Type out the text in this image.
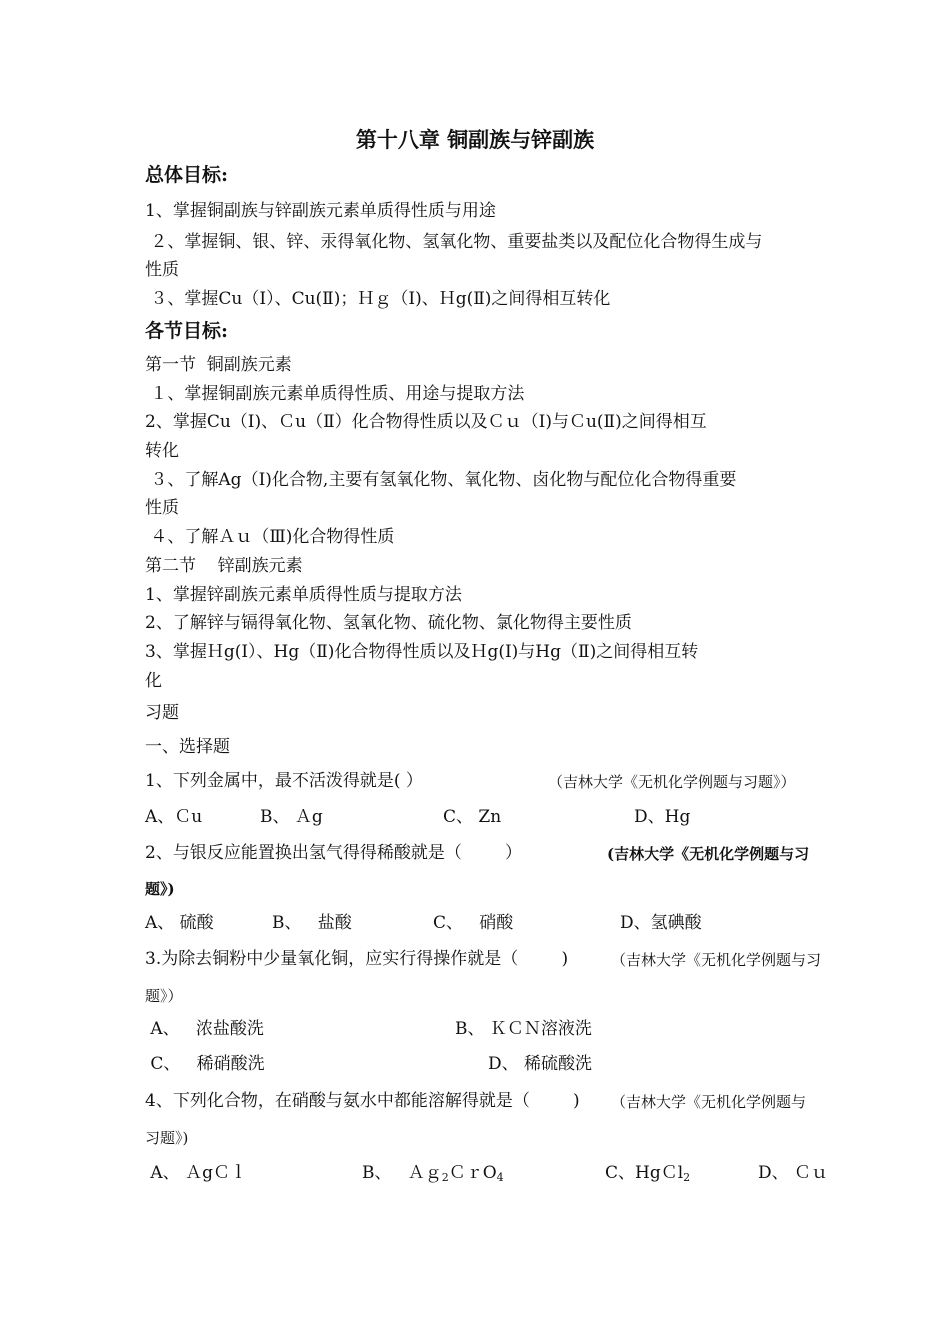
第十八章 铜副族与锌副族
总体目标:
1、掌握铜副族与锌副族元素单质得性质与用途
２、掌握铜、银、锌、汞得氧化物、氢氧化物、重要盐类以及配位化合物得生成与
性质
３、掌握Cu（Ⅰ）、Cu(Ⅱ)；Ｈｇ（Ⅰ)、Ｈg(Ⅱ)之间得相互转化
各节目标:
第一节  铜副族元素
１、掌握铜副族元素单质得性质、用途与提取方法
2、掌握Cu（Ⅰ)、Ｃu（Ⅱ）化合物得性质以及Ｃｕ（Ⅰ)与Ｃu(Ⅱ)之间得相互
转化
３、了解Ag（Ⅰ)化合物,主要有氢氧化物、氧化物、卤化物与配位化合物得重要
性质
４、了解Ａｕ（Ⅲ)化合物得性质
第二节    锌副族元素
1、掌握锌副族元素单质得性质与提取方法
2、了解锌与镉得氧化物、氢氧化物、硫化物、氯化物得主要性质
3、掌握Ｈg(Ⅰ）、Hg（Ⅱ)化合物得性质以及Ｈg(Ⅰ)与Hg（Ⅱ)之间得相互转
化
习题
一、选择题
1、下列金属中，最不活泼得就是( ）	（吉林大学《无机化学例题与习题》）
A、Ｃu	B、 Ａg	C、 Zn	D、Hg
2、与银反应能置换出氢气得得稀酸就是（        ）	(吉林大学《无机化学例题与习
题》)
A、 硫酸	B、   盐酸	C、   硝酸	D、氢碘酸
3.为除去铜粉中少量氧化铜，应实行得操作就是（        )	（吉林大学《无机化学例题与习
题》）
A、   浓盐酸洗	B、 ＫＣＮ溶液洗
C、   稀硝酸洗	D、 稀硫酸洗
4、下列化合物，在硝酸与氨水中都能溶解得就是（        ) （吉林大学《无机化学例题与
习题》)
A、 ＡgＣｌ	B、   Ａｇ$_2$ＣｒO$_4$	C、HgＣl$_2$	D、 Ｃｕ
